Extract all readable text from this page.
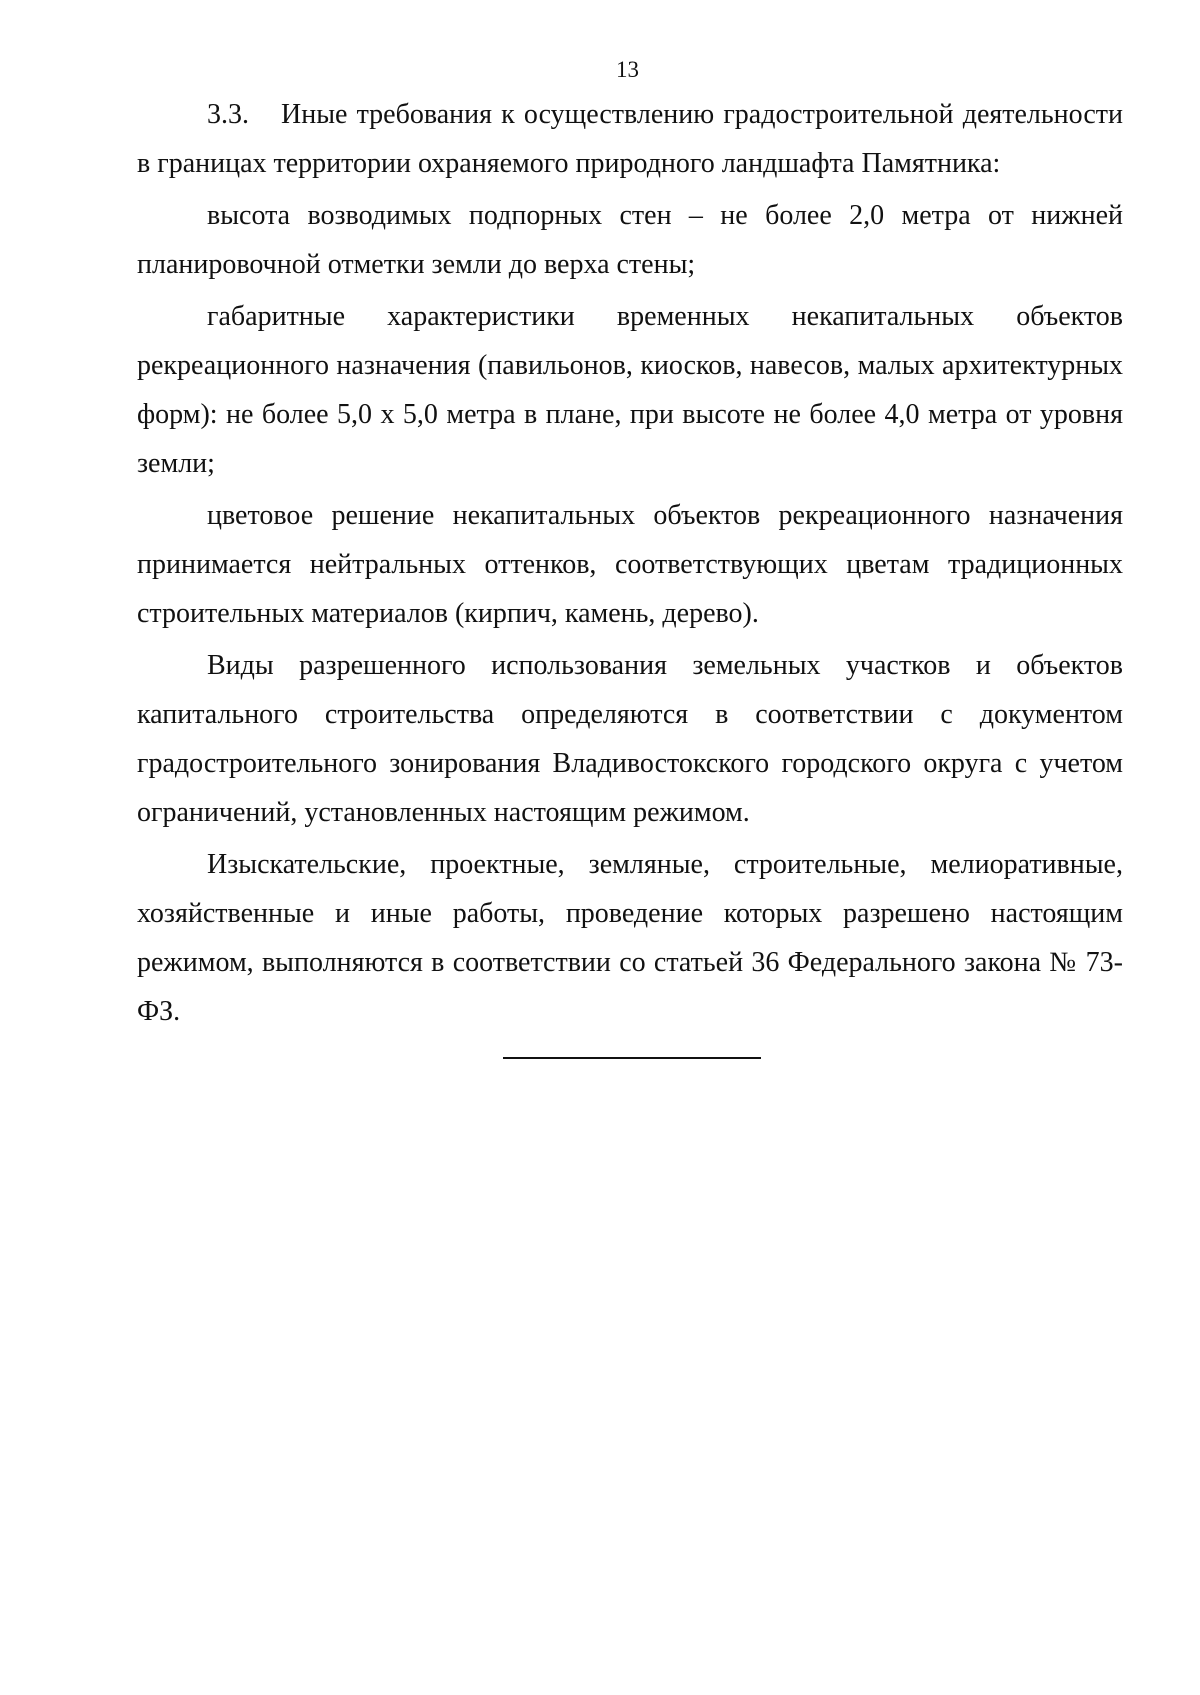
13

3.3. Иные требования к осуществлению градостроительной деятельности в границах территории охраняемого природного ландшафта Памятника:

высота возводимых подпорных стен – не более 2,0 метра от нижней планировочной отметки земли до верха стены;

габаритные характеристики временных некапитальных объектов рекреационного назначения (павильонов, киосков, навесов, малых архитектурных форм): не более 5,0 х 5,0 метра в плане, при высоте не более 4,0 метра от уровня земли;

цветовое решение некапитальных объектов рекреационного назначения принимается нейтральных оттенков, соответствующих цветам традиционных строительных материалов (кирпич, камень, дерево).

Виды разрешенного использования земельных участков и объектов капитального строительства определяются в соответствии с документом градостроительного зонирования Владивостокского городского округа с учетом ограничений, установленных настоящим режимом.

Изыскательские, проектные, земляные, строительные, мелиоративные, хозяйственные и иные работы, проведение которых разрешено настоящим режимом, выполняются в соответствии со статьей 36 Федерального закона № 73-ФЗ.
